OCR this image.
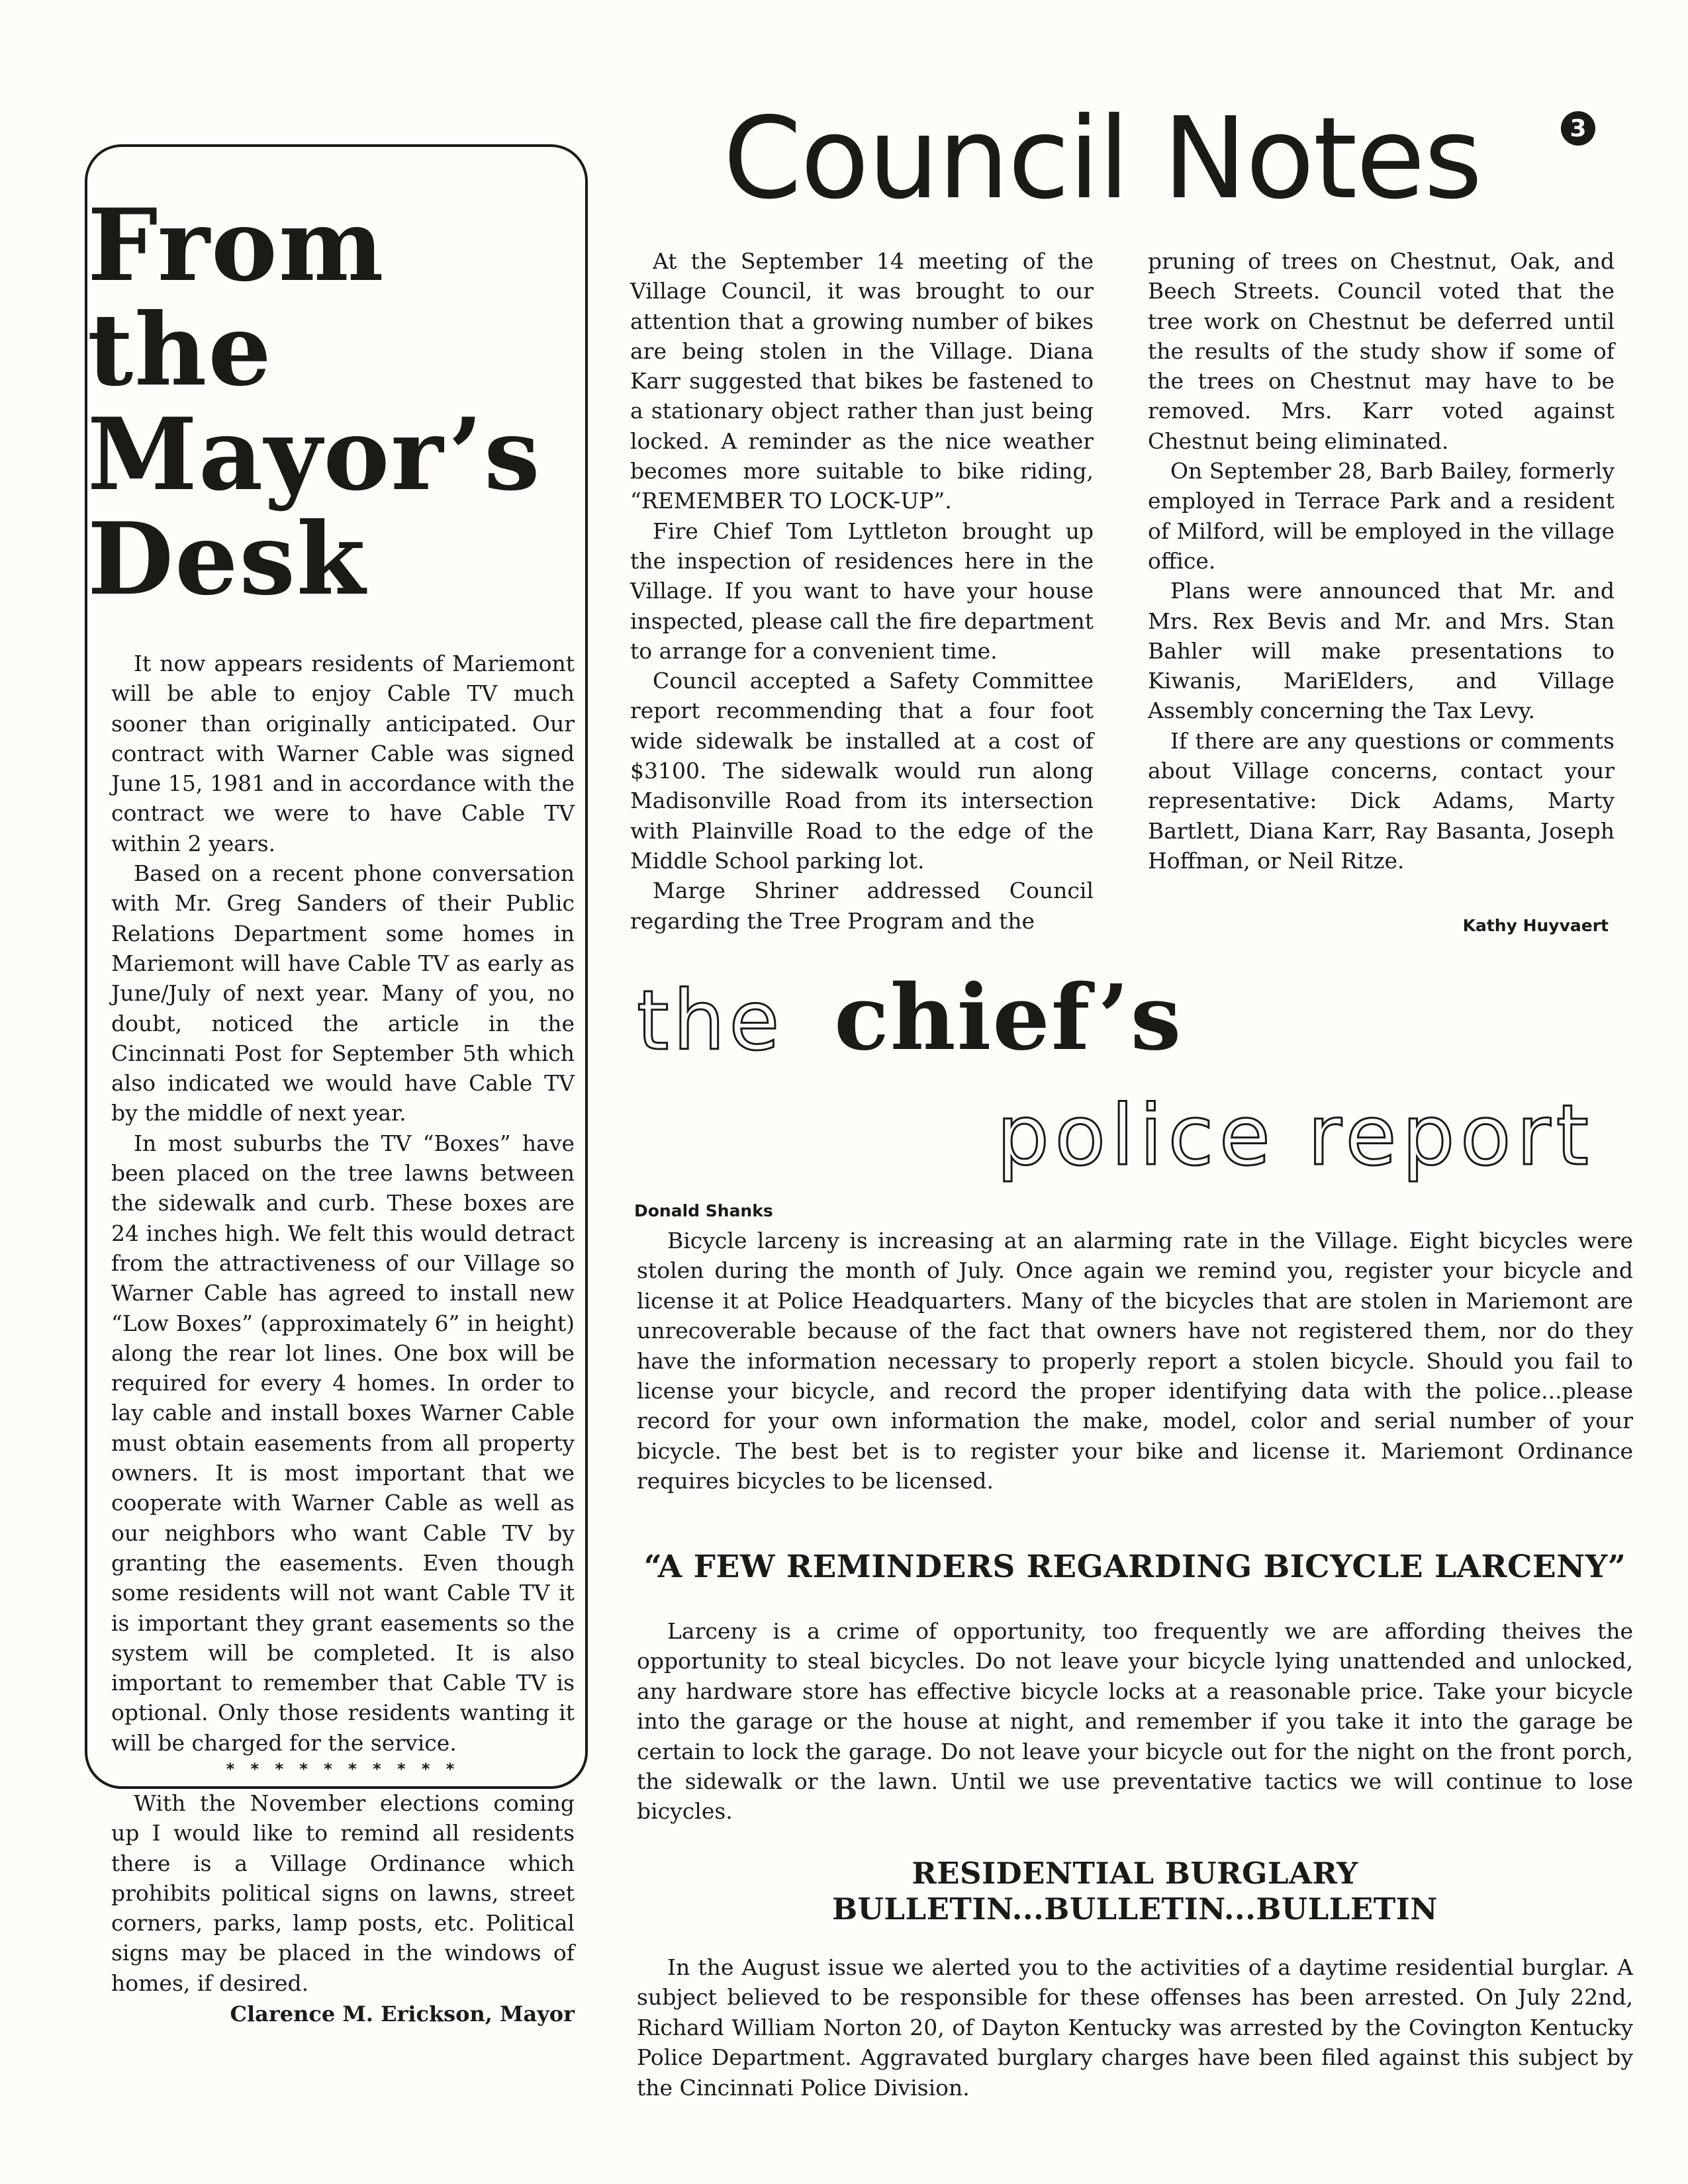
3
Council Notes
From
the
Mayor’s
Desk

It now appears residents of Mariemont will be able to enjoy Cable TV much sooner than originally anticipated. Our contract with Warner Cable was signed June 15, 1981 and in accordance with the contract we were to have Cable TV within 2 years.

Based on a recent phone conversation with Mr. Greg Sanders of their Public Relations Department some homes in Mariemont will have Cable TV as early as June/July of next year. Many of you, no doubt, noticed the article in the Cincinnati Post for September 5th which also indicated we would have Cable TV by the middle of next year.

In most suburbs the TV “Boxes” have been placed on the tree lawns between the sidewalk and curb. These boxes are 24 inches high. We felt this would detract from the attractiveness of our Village so Warner Cable has agreed to install new “Low Boxes” (approximately 6” in height) along the rear lot lines. One box will be required for every 4 homes. In order to lay cable and install boxes Warner Cable must obtain easements from all property owners. It is most important that we cooperate with Warner Cable as well as our neighbors who want Cable TV by granting the easements. Even though some residents will not want Cable TV it is important they grant easements so the system will be completed. It is also important to remember that Cable TV is optional. Only those residents wanting it will be charged for the service.

* * * * * * * * * *

With the November elections coming up I would like to remind all residents there is a Village Ordinance which prohibits political signs on lawns, street corners, parks, lamp posts, etc. Political signs may be placed in the windows of homes, if desired.

Clarence M. Erickson, Mayor

At the September 14 meeting of the Village Council, it was brought to our attention that a growing number of bikes are being stolen in the Village. Diana Karr suggested that bikes be fastened to a stationary object rather than just being locked. A reminder as the nice weather becomes more suitable to bike riding, “REMEMBER TO LOCK-UP”.

Fire Chief Tom Lyttleton brought up the inspection of residences here in the Village. If you want to have your house inspected, please call the fire department to arrange for a convenient time.

Council accepted a Safety Committee report recommending that a four foot wide sidewalk be installed at a cost of $3100. The sidewalk would run along Madisonville Road from its intersection with Plainville Road to the edge of the Middle School parking lot.

Marge Shriner addressed Council regarding the Tree Program and the

pruning of trees on Chestnut, Oak, and Beech Streets. Council voted that the tree work on Chestnut be deferred until the results of the study show if some of the trees on Chestnut may have to be removed. Mrs. Karr voted against Chestnut being eliminated.

On September 28, Barb Bailey, formerly employed in Terrace Park and a resident of Milford, will be employed in the village office.

Plans were announced that Mr. and Mrs. Rex Bevis and Mr. and Mrs. Stan Bahler will make presentations to Kiwanis, MariElders, and Village Assembly concerning the Tax Levy.

If there are any questions or comments about Village concerns, contact your representative: Dick Adams, Marty Bartlett, Diana Karr, Ray Basanta, Joseph Hoffman, or Neil Ritze.

Kathy Huyvaert
the chief’s
police report
Donald Shanks

Bicycle larceny is increasing at an alarming rate in the Village. Eight bicycles were stolen during the month of July. Once again we remind you, register your bicycle and license it at Police Headquarters. Many of the bicycles that are stolen in Mariemont are unrecoverable because of the fact that owners have not registered them, nor do they have the information necessary to properly report a stolen bicycle. Should you fail to license your bicycle, and record the proper identifying data with the police...please record for your own information the make, model, color and serial number of your bicycle. The best bet is to register your bike and license it. Mariemont Ordinance requires bicycles to be licensed.

“A FEW REMINDERS REGARDING BICYCLE LARCENY”

Larceny is a crime of opportunity, too frequently we are affording theives the opportunity to steal bicycles. Do not leave your bicycle lying unattended and unlocked, any hardware store has effective bicycle locks at a reasonable price. Take your bicycle into the garage or the house at night, and remember if you take it into the garage be certain to lock the garage. Do not leave your bicycle out for the night on the front porch, the sidewalk or the lawn. Until we use preventative tactics we will continue to lose bicycles.

RESIDENTIAL BURGLARY
BULLETIN...BULLETIN...BULLETIN

In the August issue we alerted you to the activities of a daytime residential burglar. A subject believed to be responsible for these offenses has been arrested. On July 22nd, Richard William Norton 20, of Dayton Kentucky was arrested by the Covington Kentucky Police Department. Aggravated burglary charges have been filed against this subject by the Cincinnati Police Division.
